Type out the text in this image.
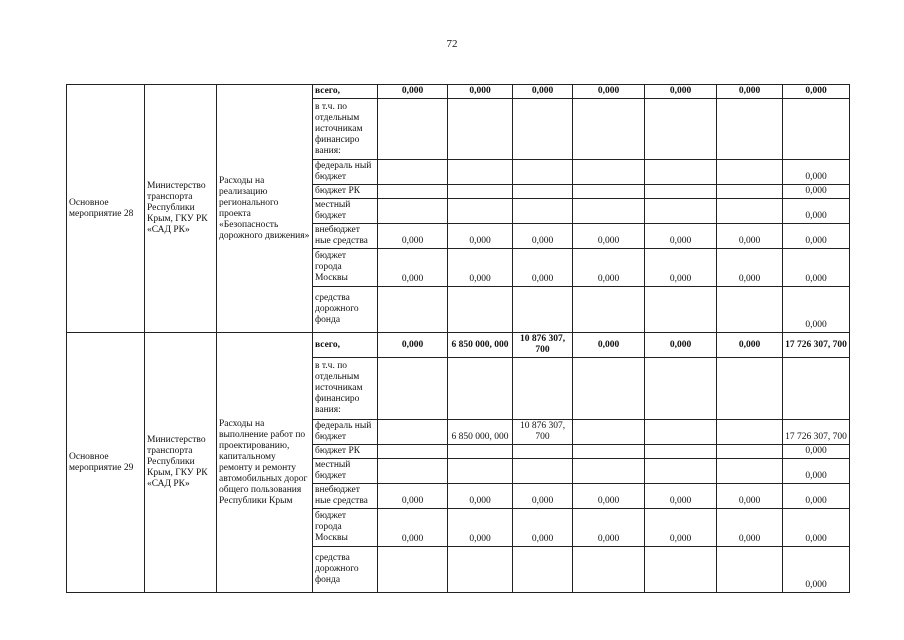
72
Основное мероприятие 28	Министерство транспорта Республики Крым, ГКУ РК «САД РК»	Расходы на реализацию регионального проекта «Безопасность дорожного движения»	всего,	0,000	0,000	0,000	0,000	0,000	0,000	0,000
			в т.ч. по отдельным источникам финансиро вания:							
			федераль ный бюджет							0,000
			бюджет РК							0,000
			местный бюджет							0,000
			внебюджет ные средства	0,000	0,000	0,000	0,000	0,000	0,000	0,000
			бюджет города Москвы	0,000	0,000	0,000	0,000	0,000	0,000	0,000
			средства дорожного фонда							0,000
Основное мероприятие 29	Министерство транспорта Республики Крым, ГКУ РК «САД РК»	Расходы на выполнение работ по проектированию, капитальному ремонту и ремонту автомобильных дорог общего пользования Республики Крым	всего,	0,000	6 850 000, 000	10 876 307, 700	0,000	0,000	0,000	17 726 307, 700
			в т.ч. по отдельным источникам финансиро вания:							
			федераль ный бюджет		6 850 000, 000	10 876 307, 700				17 726 307, 700
			бюджет РК							0,000
			местный бюджет							0,000
			внебюджет ные средства	0,000	0,000	0,000	0,000	0,000	0,000	0,000
			бюджет города Москвы	0,000	0,000	0,000	0,000	0,000	0,000	0,000
			средства дорожного фонда							0,000
